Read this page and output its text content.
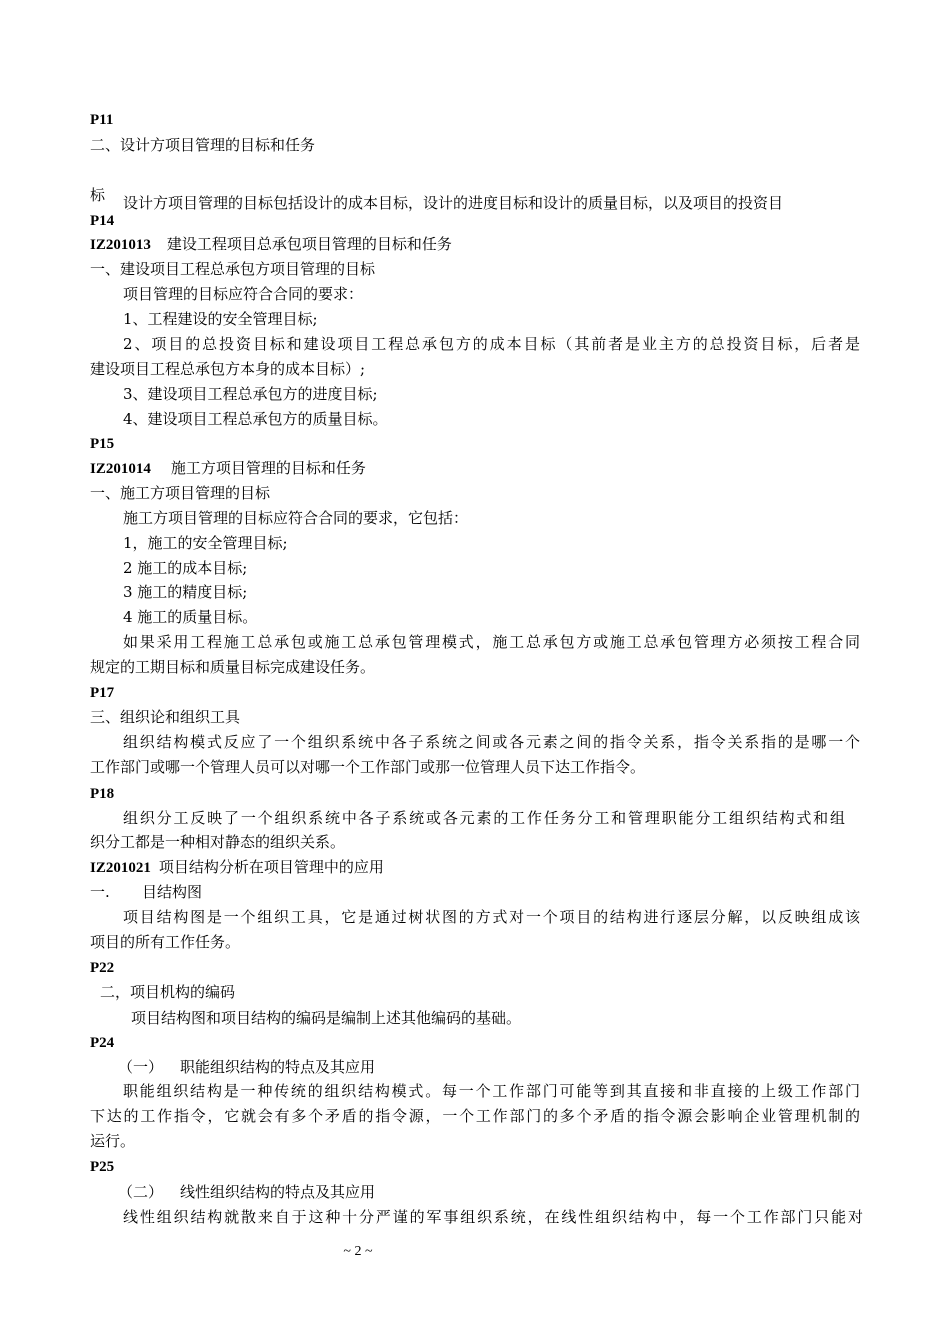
P11
二、设计方项目管理的目标和任务
标 设计方项目管理的目标包括设计的成本目标，设计的进度目标和设计的质量目标，以及项目的投资目
P14
IZ201013 建设工程项目总承包项目管理的目标和任务
一、建设项目工程总承包方项目管理的目标
项目管理的目标应符合合同的要求：
1、工程建设的安全管理目标;
2、项目的总投资目标和建设项目工程总承包方的成本目标（其前者是业主方的总投资目标，后者是
建设项目工程总承包方本身的成本目标）;
3、建设项目工程总承包方的进度目标;
4、建设项目工程总承包方的质量目标。
P15
IZ201014 施工方项目管理的目标和任务
一、施工方项目管理的目标
施工方项目管理的目标应符合合同的要求，它包括：
1，施工的安全管理目标;
2 施工的成本目标;
3 施工的精度目标;
4 施工的质量目标。
如果采用工程施工总承包或施工总承包管理模式，施工总承包方或施工总承包管理方必须按工程合同
规定的工期目标和质量目标完成建设任务。
P17
三、组织论和组织工具
组织结构模式反应了一个组织系统中各子系统之间或各元素之间的指令关系，指令关系指的是哪一个
工作部门或哪一个管理人员可以对哪一个工作部门或那一位管理人员下达工作指令。
P18
组织分工反映了一个组织系统中各子系统或各元素的工作任务分工和管理职能分工组织结构式和组
织分工都是一种相对静态的组织关系。
IZ201021 项目结构分析在项目管理中的应用
一. 目结构图
项目结构图是一个组织工具，它是通过树状图的方式对一个项目的结构进行逐层分解，以反映组成该
项目的所有工作任务。
P22
二，项目机构的编码
项目结构图和项目结构的编码是编制上述其他编码的基础。
P24
（一） 职能组织结构的特点及其应用
职能组织结构是一种传统的组织结构模式。每一个工作部门可能等到其直接和非直接的上级工作部门
下达的工作指令，它就会有多个矛盾的指令源，一个工作部门的多个矛盾的指令源会影响企业管理机制的
运行。
P25
（二） 线性组织结构的特点及其应用
线性组织结构就散来自于这种十分严谨的军事组织系统，在线性组织结构中，每一个工作部门只能对
~ 2 ~
